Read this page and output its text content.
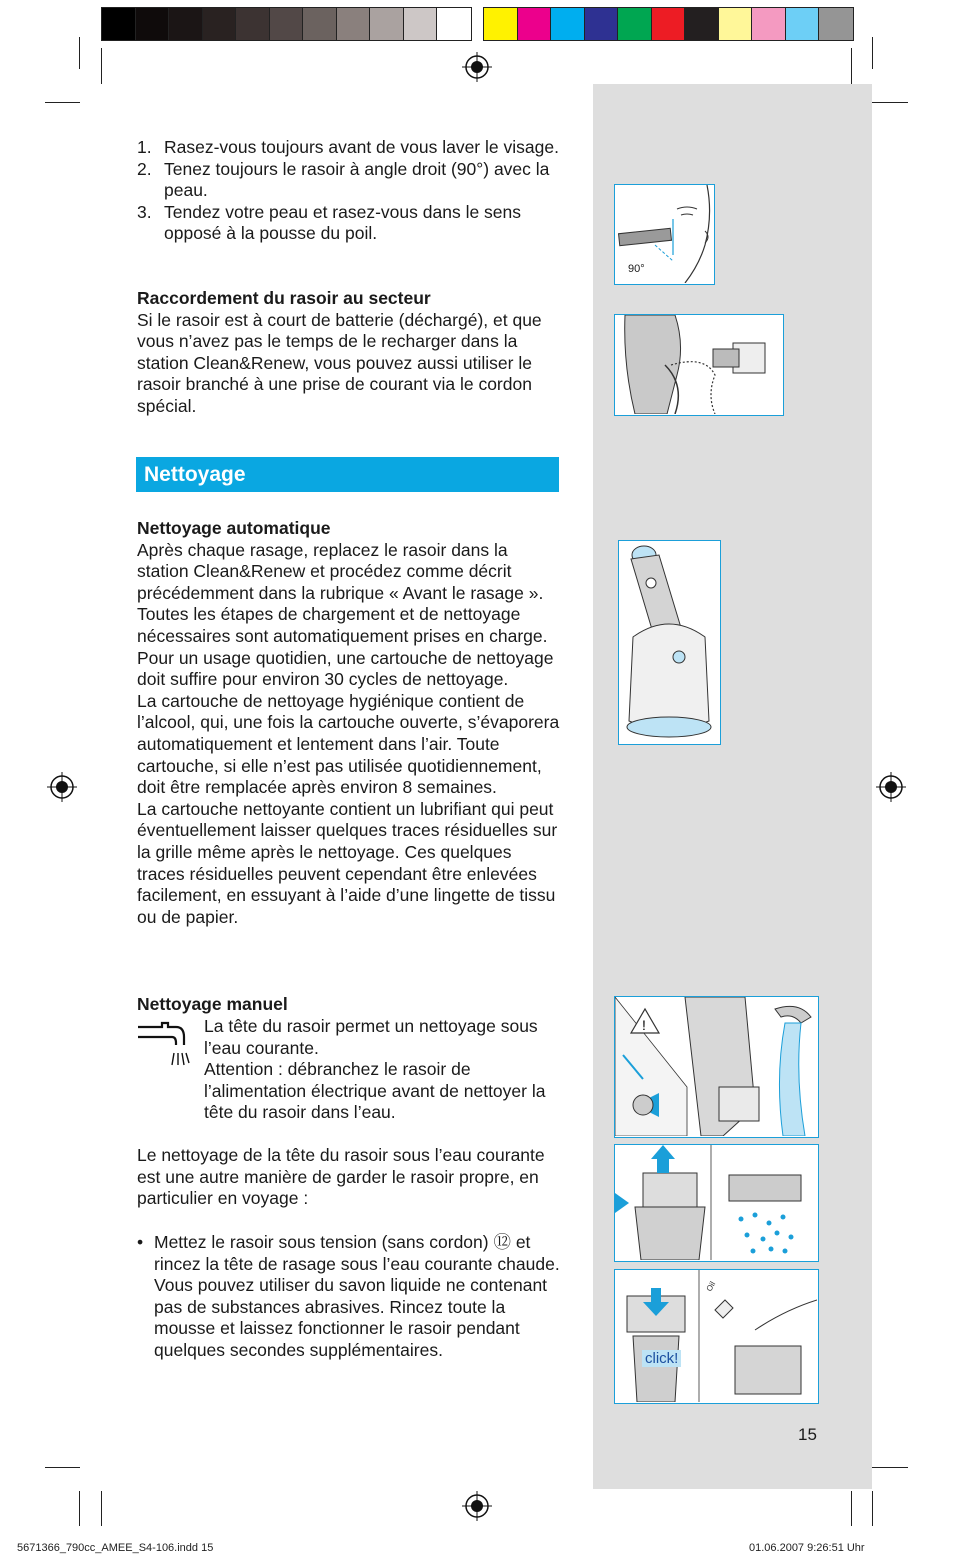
1. Rasez-vous toujours avant de vous laver le visage.
2. Tenez toujours le rasoir à angle droit (90°) avec la peau.
3. Tendez votre peau et rasez-vous dans le sens opposé à la pousse du poil.

Raccordement du rasoir au secteur

Si le rasoir est à court de batterie (déchargé), et que vous n’avez pas le temps de le recharger dans la station Clean&Renew, vous pouvez aussi utiliser le rasoir branché à une prise de courant via le cordon spécial.

Nettoyage

Nettoyage automatique

Après chaque rasage, replacez le rasoir dans la station Clean&Renew et procédez comme décrit précédemment dans la rubrique « Avant le rasage ». Toutes les étapes de chargement et de nettoyage nécessaires sont automatiquement prises en charge. Pour un usage quotidien, une cartouche de nettoyage doit suffire pour environ 30 cycles de nettoyage.

La cartouche de nettoyage hygiénique contient de l’alcool, qui, une fois la cartouche ouverte, s’évaporera automatiquement et lentement dans l’air. Toute cartouche, si elle n’est pas utilisée quotidiennement, doit être remplacée après environ 8 semaines.

La cartouche nettoyante contient un lubrifiant qui peut éventuellement laisser quelques traces résiduelles sur la grille même après le nettoyage. Ces quelques traces résiduelles peuvent cependant être enlevées facilement, en essuyant à l’aide d’une lingette de tissu ou de papier.

Nettoyage manuel

La tête du rasoir permet un nettoyage sous l’eau courante.

Attention : débranchez le rasoir de l’alimentation électrique avant de nettoyer la tête du rasoir dans l’eau.

Le nettoyage de la tête du rasoir sous l’eau courante est une autre manière de garder le rasoir propre, en particulier en voyage :
• Mettez le rasoir sous tension (sans cordon) ⑫ et rincez la tête de rasage sous l’eau courante chaude. Vous pouvez utiliser du savon liquide ne contenant pas de substances abrasives. Rincez toute la mousse et laissez fonctionner le rasoir pendant quelques secondes supplémentaires.
90°
!
click!
Oil
15
5671366_790cc_AMEE_S4-106.indd 15	01.06.2007 9:26:51 Uhr
